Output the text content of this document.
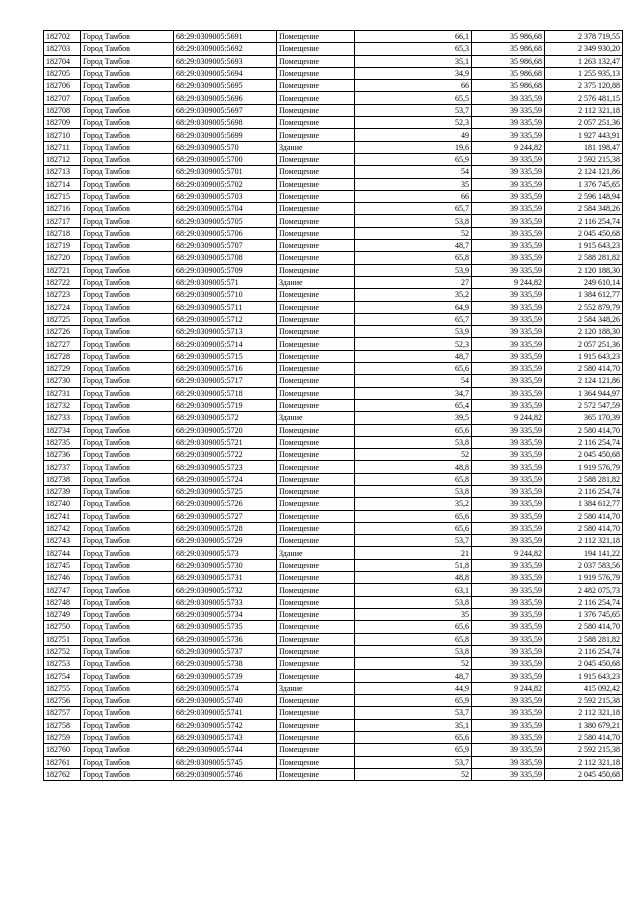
182702	Город Тамбов	68:29:0309005:5691	Помещение	66,1	35 986,68	2 378 719,55
182703	Город Тамбов	68:29:0309005:5692	Помещение	65,3	35 986,68	2 349 930,20
182704	Город Тамбов	68:29:0309005:5693	Помещение	35,1	35 986,68	1 263 132,47
182705	Город Тамбов	68:29:0309005:5694	Помещение	34,9	35 986,68	1 255 935,13
182706	Город Тамбов	68:29:0309005:5695	Помещение	66	35 986,68	2 375 120,88
182707	Город Тамбов	68:29:0309005:5696	Помещение	65,5	39 335,59	2 576 481,15
182708	Город Тамбов	68:29:0309005:5697	Помещение	53,7	39 335,59	2 112 321,18
182709	Город Тамбов	68:29:0309005:5698	Помещение	52,3	39 335,59	2 057 251,36
182710	Город Тамбов	68:29:0309005:5699	Помещение	49	39 335,59	1 927 443,91
182711	Город Тамбов	68:29:0309005:570	Здание	19,6	9 244,82	181 198,47
182712	Город Тамбов	68:29:0309005:5700	Помещение	65,9	39 335,59	2 592 215,38
182713	Город Тамбов	68:29:0309005:5701	Помещение	54	39 335,59	2 124 121,86
182714	Город Тамбов	68:29:0309005:5702	Помещение	35	39 335,59	1 376 745,65
182715	Город Тамбов	68:29:0309005:5703	Помещение	66	39 335,59	2 596 148,94
182716	Город Тамбов	68:29:0309005:5704	Помещение	65,7	39 335,59	2 584 348,26
182717	Город Тамбов	68:29:0309005:5705	Помещение	53,8	39 335,59	2 116 254,74
182718	Город Тамбов	68:29:0309005:5706	Помещение	52	39 335,59	2 045 450,68
182719	Город Тамбов	68:29:0309005:5707	Помещение	48,7	39 335,59	1 915 643,23
182720	Город Тамбов	68:29:0309005:5708	Помещение	65,8	39 335,59	2 588 281,82
182721	Город Тамбов	68:29:0309005:5709	Помещение	53,9	39 335,59	2 120 188,30
182722	Город Тамбов	68:29:0309005:571	Здание	27	9 244,82	249 610,14
182723	Город Тамбов	68:29:0309005:5710	Помещение	35,2	39 335,59	1 384 612,77
182724	Город Тамбов	68:29:0309005:5711	Помещение	64,9	39 335,59	2 552 879,79
182725	Город Тамбов	68:29:0309005:5712	Помещение	65,7	39 335,59	2 584 348,26
182726	Город Тамбов	68:29:0309005:5713	Помещение	53,9	39 335,59	2 120 188,30
182727	Город Тамбов	68:29:0309005:5714	Помещение	52,3	39 335,59	2 057 251,36
182728	Город Тамбов	68:29:0309005:5715	Помещение	48,7	39 335,59	1 915 643,23
182729	Город Тамбов	68:29:0309005:5716	Помещение	65,6	39 335,59	2 580 414,70
182730	Город Тамбов	68:29:0309005:5717	Помещение	54	39 335,59	2 124 121,86
182731	Город Тамбов	68:29:0309005:5718	Помещение	34,7	39 335,59	1 364 944,97
182732	Город Тамбов	68:29:0309005:5719	Помещение	65,4	39 335,59	2 572 547,59
182733	Город Тамбов	68:29:0309005:572	Здание	39,5	9 244,82	365 170,39
182734	Город Тамбов	68:29:0309005:5720	Помещение	65,6	39 335,59	2 580 414,70
182735	Город Тамбов	68:29:0309005:5721	Помещение	53,8	39 335,59	2 116 254,74
182736	Город Тамбов	68:29:0309005:5722	Помещение	52	39 335,59	2 045 450,68
182737	Город Тамбов	68:29:0309005:5723	Помещение	48,8	39 335,59	1 919 576,79
182738	Город Тамбов	68:29:0309005:5724	Помещение	65,8	39 335,59	2 588 281,82
182739	Город Тамбов	68:29:0309005:5725	Помещение	53,8	39 335,59	2 116 254,74
182740	Город Тамбов	68:29:0309005:5726	Помещение	35,2	39 335,59	1 384 612,77
182741	Город Тамбов	68:29:0309005:5727	Помещение	65,6	39 335,59	2 580 414,70
182742	Город Тамбов	68:29:0309005:5728	Помещение	65,6	39 335,59	2 580 414,70
182743	Город Тамбов	68:29:0309005:5729	Помещение	53,7	39 335,59	2 112 321,18
182744	Город Тамбов	68:29:0309005:573	Здание	21	9 244,82	194 141,22
182745	Город Тамбов	68:29:0309005:5730	Помещение	51,8	39 335,59	2 037 583,56
182746	Город Тамбов	68:29:0309005:5731	Помещение	48,8	39 335,59	1 919 576,79
182747	Город Тамбов	68:29:0309005:5732	Помещение	63,1	39 335,59	2 482 075,73
182748	Город Тамбов	68:29:0309005:5733	Помещение	53,8	39 335,59	2 116 254,74
182749	Город Тамбов	68:29:0309005:5734	Помещение	35	39 335,59	1 376 745,65
182750	Город Тамбов	68:29:0309005:5735	Помещение	65,6	39 335,59	2 580 414,70
182751	Город Тамбов	68:29:0309005:5736	Помещение	65,8	39 335,59	2 588 281,82
182752	Город Тамбов	68:29:0309005:5737	Помещение	53,8	39 335,59	2 116 254,74
182753	Город Тамбов	68:29:0309005:5738	Помещение	52	39 335,59	2 045 450,68
182754	Город Тамбов	68:29:0309005:5739	Помещение	48,7	39 335,59	1 915 643,23
182755	Город Тамбов	68:29:0309005:574	Здание	44,9	9 244,82	415 092,42
182756	Город Тамбов	68:29:0309005:5740	Помещение	65,9	39 335,59	2 592 215,38
182757	Город Тамбов	68:29:0309005:5741	Помещение	53,7	39 335,59	2 112 321,18
182758	Город Тамбов	68:29:0309005:5742	Помещение	35,1	39 335,59	1 380 679,21
182759	Город Тамбов	68:29:0309005:5743	Помещение	65,6	39 335,59	2 580 414,70
182760	Город Тамбов	68:29:0309005:5744	Помещение	65,9	39 335,59	2 592 215,38
182761	Город Тамбов	68:29:0309005:5745	Помещение	53,7	39 335,59	2 112 321,18
182762	Город Тамбов	68:29:0309005:5746	Помещение	52	39 335,59	2 045 450,68
